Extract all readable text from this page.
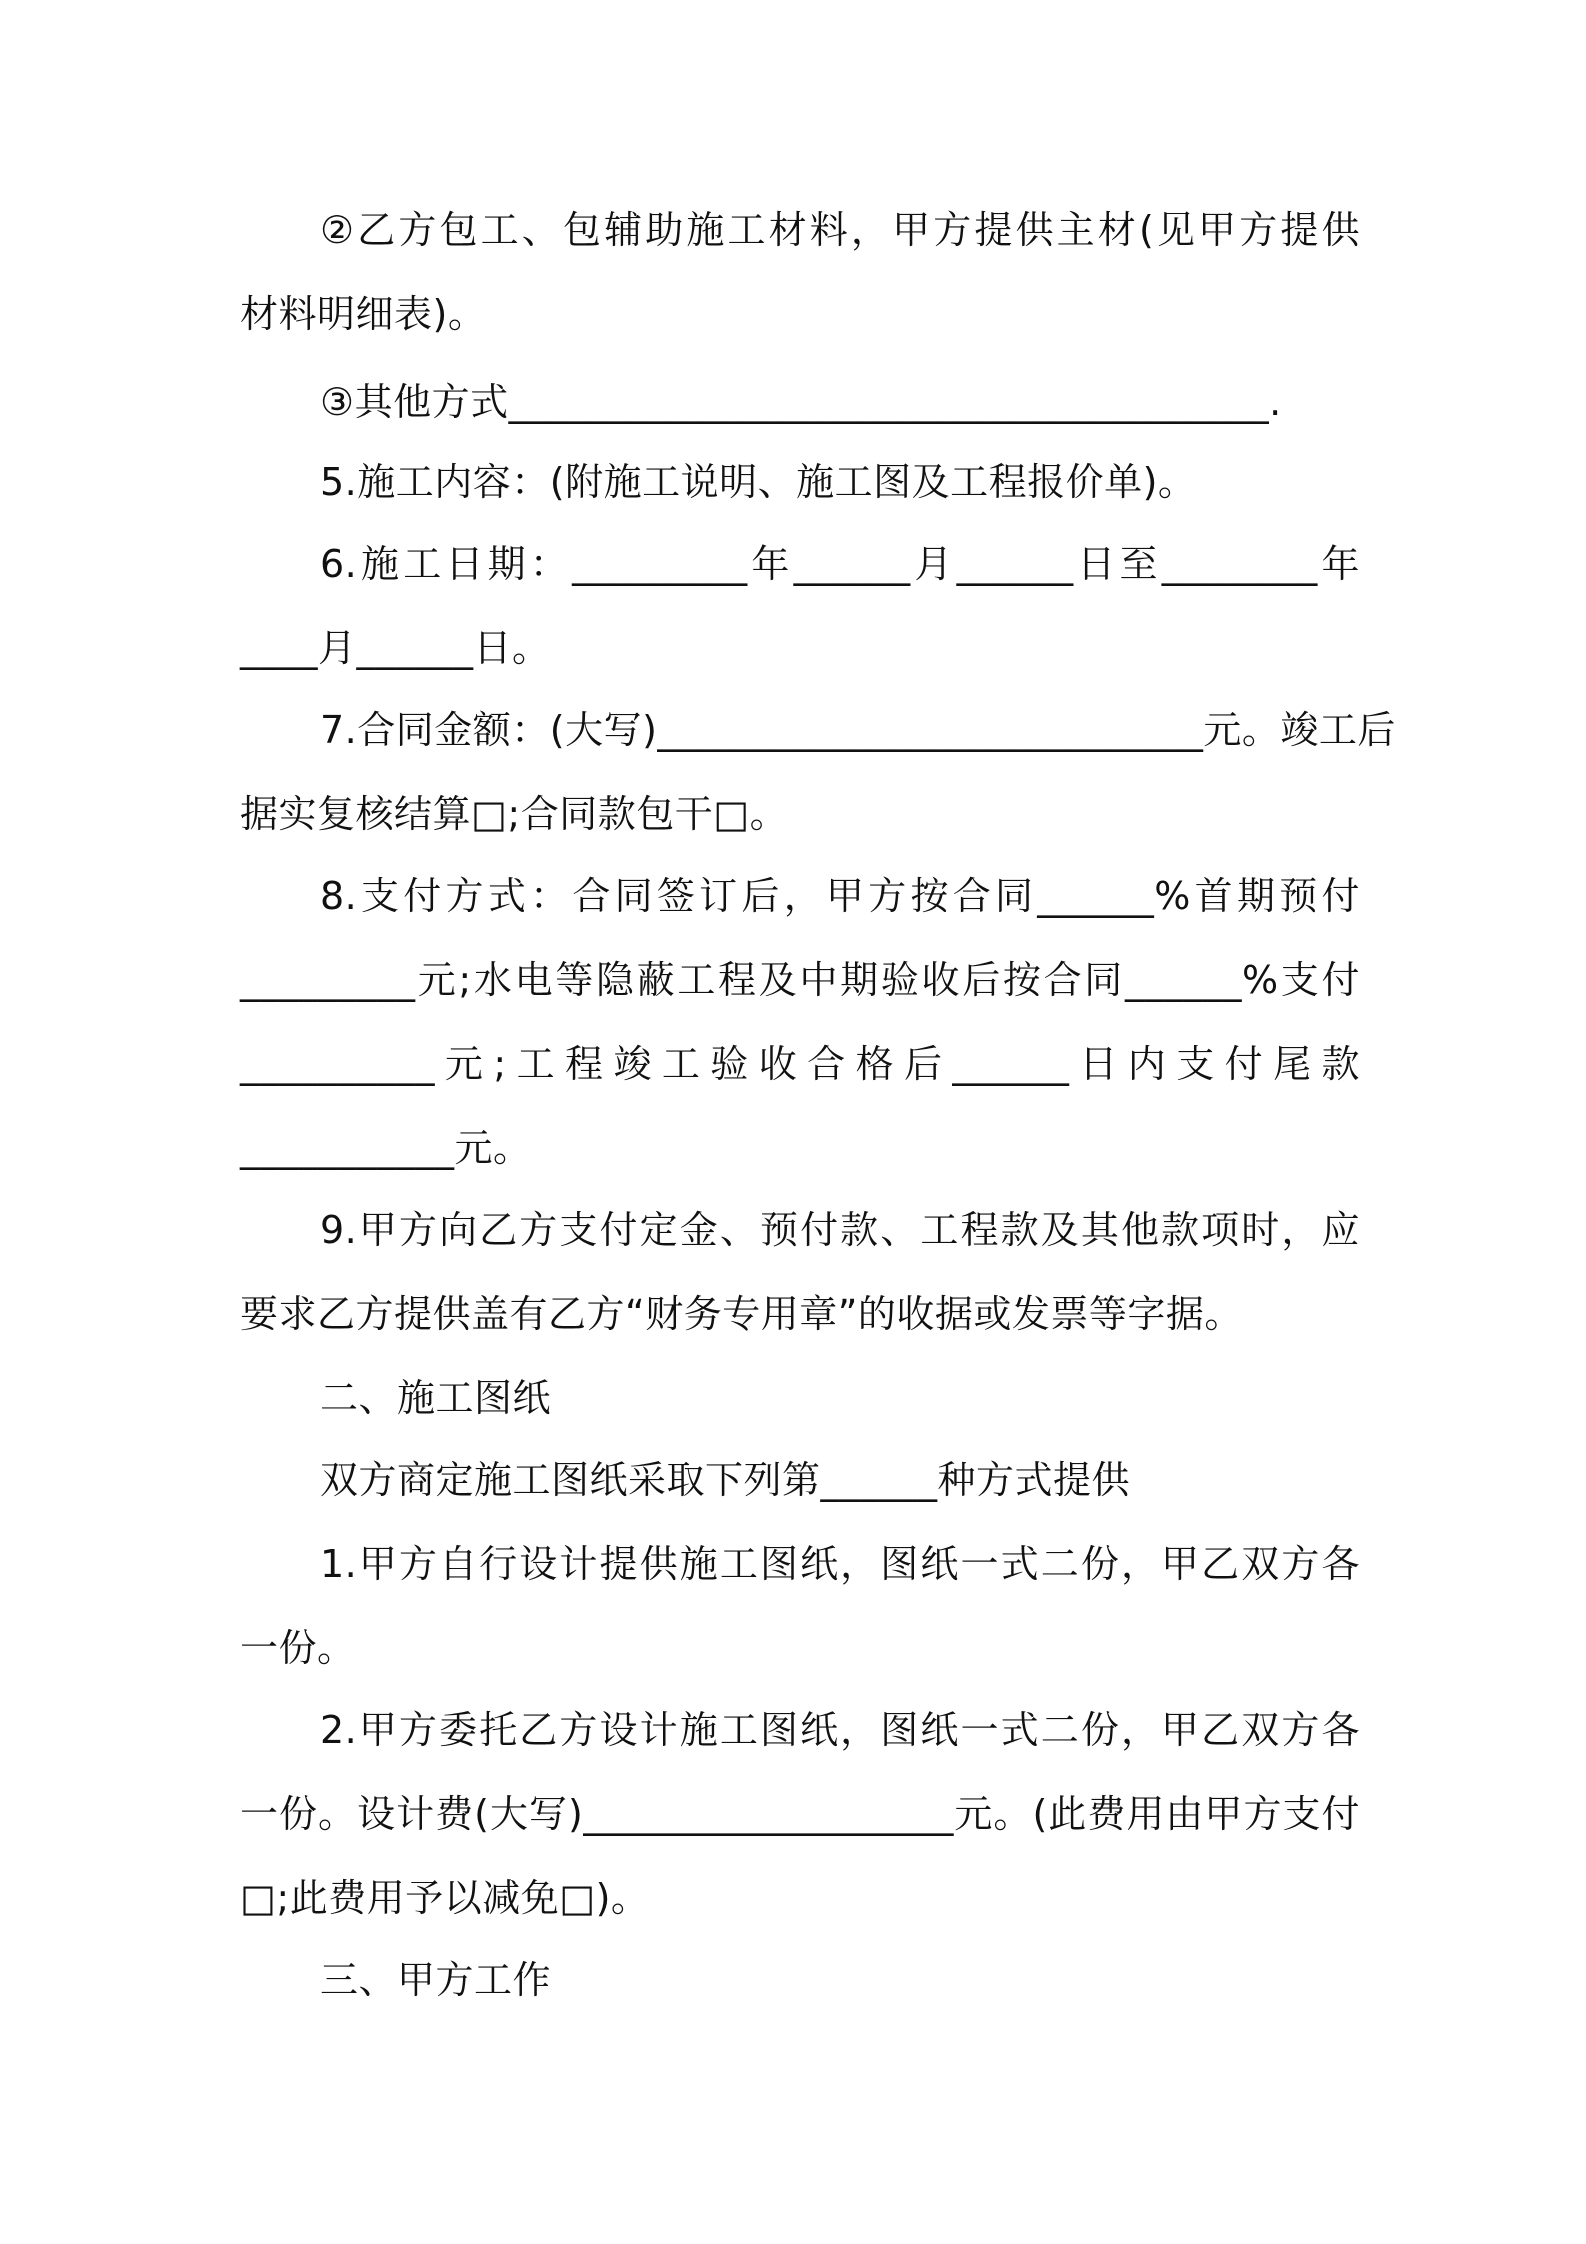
②乙方包工、包辅助施工材料，甲方提供主材(见甲方提供
材料明细表)。
③其他方式_______________________________________.
5.施工内容：(附施工说明、施工图及工程报价单)。
6.施工日期：_________年______月______日至________年
____月______日。
7.合同金额：(大写)____________________________元。竣工后
据实复核结算□;合同款包干□。
8.支付方式：合同签订后，甲方按合同______%首期预付
_________元;水电等隐蔽工程及中期验收后按合同______%支付
__________元;工程竣工验收合格后______日内支付尾款
___________元。
9.甲方向乙方支付定金、预付款、工程款及其他款项时，应
要求乙方提供盖有乙方“财务专用章”的收据或发票等字据。
二、施工图纸
双方商定施工图纸采取下列第______种方式提供
1.甲方自行设计提供施工图纸，图纸一式二份，甲乙双方各
一份。
2.甲方委托乙方设计施工图纸，图纸一式二份，甲乙双方各
一份。设计费(大写)___________________元。(此费用由甲方支付
□;此费用予以减免□)。
三、甲方工作
